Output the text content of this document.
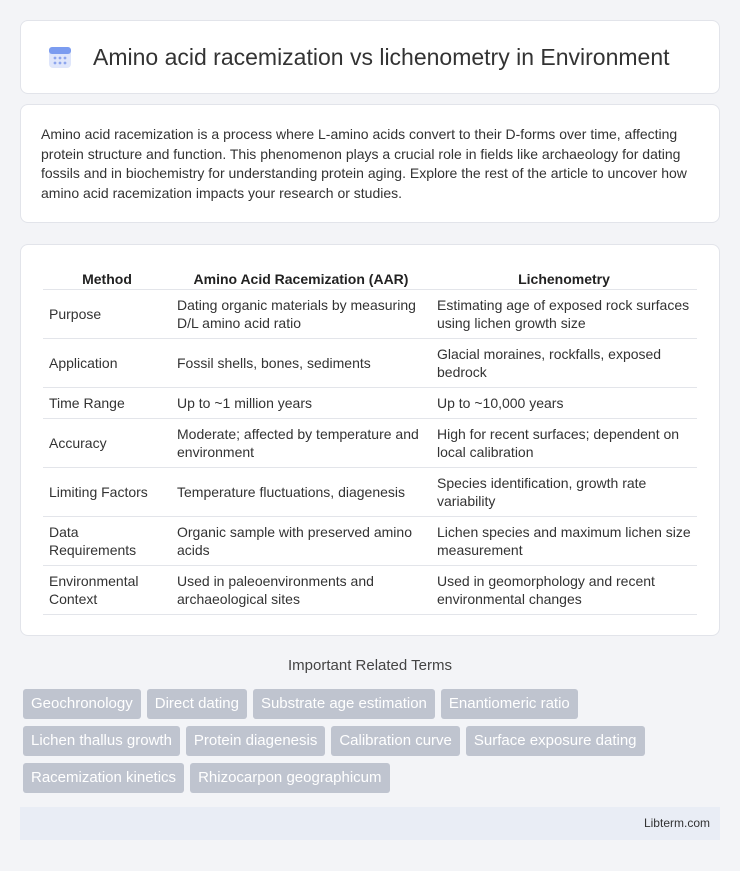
Amino acid racemization vs lichenometry in Environment

Amino acid racemization is a process where L-amino acids convert to their D-forms over time, affecting protein structure and function. This phenomenon plays a crucial role in fields like archaeology for dating fossils and in biochemistry for understanding protein aging. Explore the rest of the article to uncover how amino acid racemization impacts your research or studies.

Method	Amino Acid Racemization (AAR)	Lichenometry
Purpose	Dating organic materials by measuring D/L amino acid ratio	Estimating age of exposed rock surfaces using lichen growth size
Application	Fossil shells, bones, sediments	Glacial moraines, rockfalls, exposed bedrock
Time Range	Up to ~1 million years	Up to ~10,000 years
Accuracy	Moderate; affected by temperature and environment	High for recent surfaces; dependent on local calibration
Limiting Factors	Temperature fluctuations, diagenesis	Species identification, growth rate variability
Data Requirements	Organic sample with preserved amino acids	Lichen species and maximum lichen size measurement
Environmental Context	Used in paleoenvironments and archaeological sites	Used in geomorphology and recent environmental changes
Important Related Terms
Geochronology	Direct dating	Substrate age estimation	Enantiomeric ratio
Lichen thallus growth	Protein diagenesis	Calibration curve	Surface exposure dating
Racemization kinetics	Rhizocarpon geographicum
Libterm.com
